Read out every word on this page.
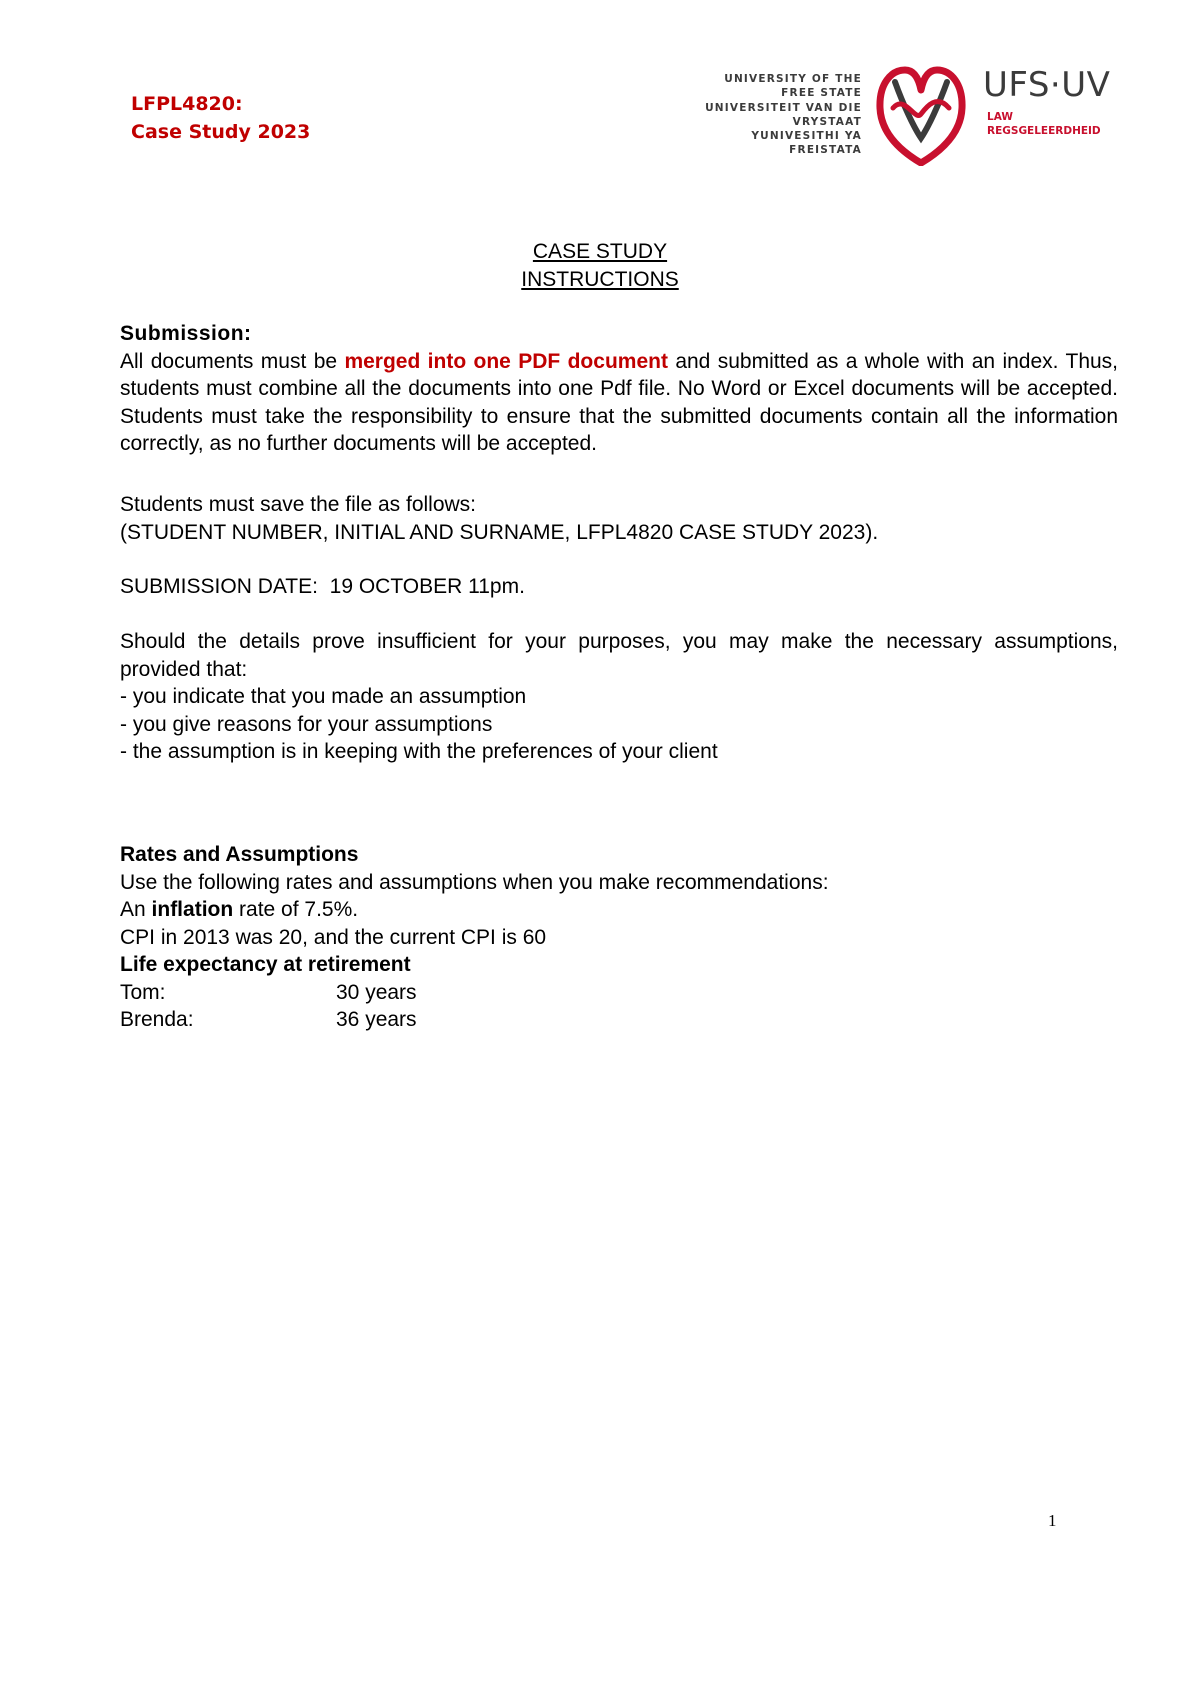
LFPL4820:
Case Study 2023
UNIVERSITY OF THE
FREE STATE
UNIVERSITEIT VAN DIE
VRYSTAAT
YUNIVESITHI YA
FREISTATA
UFS·UV
LAW
REGSGELEERDHEID
CASE STUDY
INSTRUCTIONS

Submission:

All documents must be merged into one PDF document and submitted as a whole with an index. Thus, students must combine all the documents into one Pdf file. No Word or Excel documents will be accepted. Students must take the responsibility to ensure that the submitted documents contain all the information correctly, as no further documents will be accepted.

Students must save the file as follows:

(STUDENT NUMBER, INITIAL AND SURNAME, LFPL4820 CASE STUDY 2023).

SUBMISSION DATE:  19 OCTOBER 11pm.

Should the details prove insufficient for your purposes, you may make the necessary assumptions, provided that:

- you indicate that you made an assumption

- you give reasons for your assumptions

- the assumption is in keeping with the preferences of your client

Rates and Assumptions

Use the following rates and assumptions when you make recommendations:

An inflation rate of 7.5%.

CPI in 2013 was 20, and the current CPI is 60

Life expectancy at retirement

Tom:	30 years
Brenda:	36 years
1
